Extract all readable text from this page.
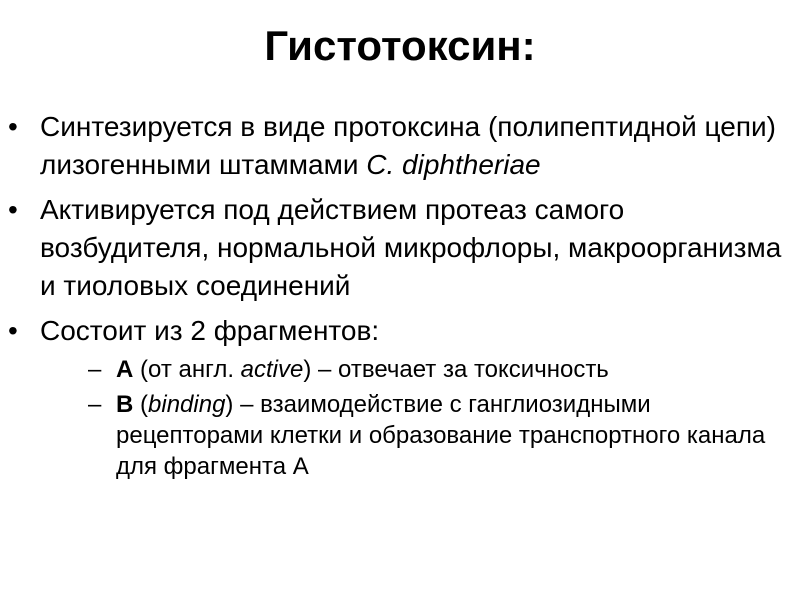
Гистотоксин:
• Синтезируется в виде протоксина (полипептидной цепи) лизогенными штаммами C. diphtheriae
• Активируется под действием протеаз самого возбудителя, нормальной микрофлоры, макроорганизма и тиоловых соединений
• Состоит из 2 фрагментов:
– А (от англ. active) – отвечает за токсичность
– В (binding) – взаимодействие с ганглиозидными рецепторами клетки и образование транспортного канала для фрагмента А
